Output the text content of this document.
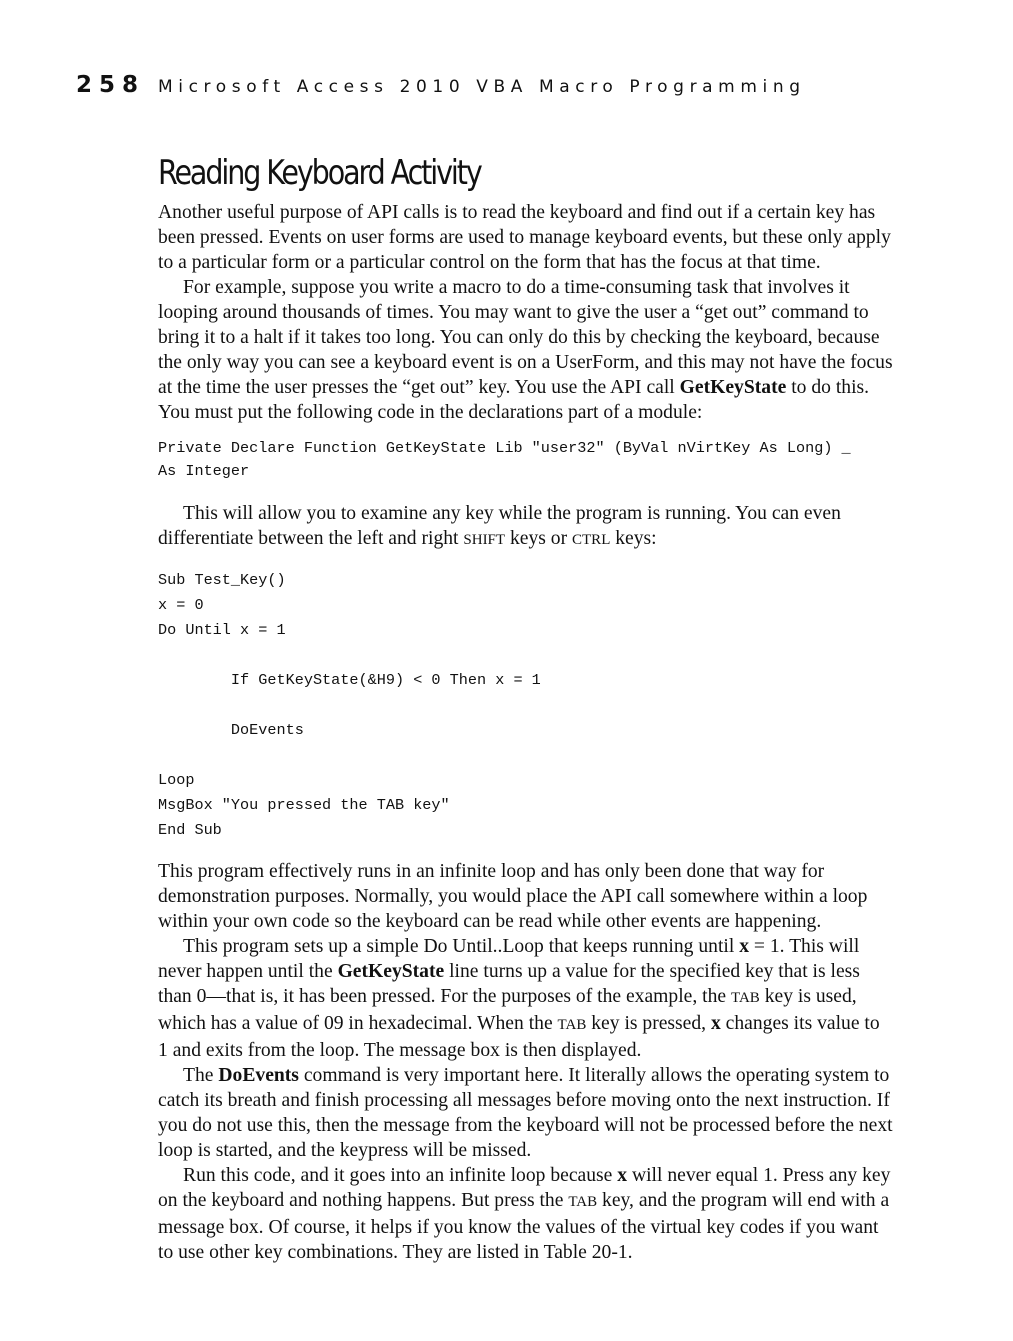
258 Microsoft Access 2010 VBA Macro Programming
Reading Keyboard Activity

Another useful purpose of API calls is to read the keyboard and find out if a certain key has

been pressed. Events on user forms are used to manage keyboard events, but these only apply

to a particular form or a particular control on the form that has the focus at that time.

For example, suppose you write a macro to do a time-consuming task that involves it

looping around thousands of times. You may want to give the user a “get out” command to

bring it to a halt if it takes too long. You can only do this by checking the keyboard, because

the only way you can see a keyboard event is on a UserForm, and this may not have the focus

at the time the user presses the “get out” key. You use the API call GetKeyState to do this.

You must put the following code in the declarations part of a module:

Private Declare Function GetKeyState Lib "user32" (ByVal nVirtKey As Long) _
As Integer

This will allow you to examine any key while the program is running. You can even

differentiate between the left and right SHIFT keys or CTRL keys:

Sub Test_Key()
x = 0
Do Until x = 1
If GetKeyState(&H9) < 0 Then x = 1
DoEvents
Loop
MsgBox "You pressed the TAB key"
End Sub

This program effectively runs in an infinite loop and has only been done that way for

demonstration purposes. Normally, you would place the API call somewhere within a loop

within your own code so the keyboard can be read while other events are happening.

This program sets up a simple Do Until..Loop that keeps running until x = 1. This will

never happen until the GetKeyState line turns up a value for the specified key that is less

than 0—that is, it has been pressed. For the purposes of the example, the TAB key is used,

which has a value of 09 in hexadecimal. When the TAB key is pressed, x changes its value to

1 and exits from the loop. The message box is then displayed.

The DoEvents command is very important here. It literally allows the operating system to

catch its breath and finish processing all messages before moving onto the next instruction. If

you do not use this, then the message from the keyboard will not be processed before the next

loop is started, and the keypress will be missed.

Run this code, and it goes into an infinite loop because x will never equal 1. Press any key

on the keyboard and nothing happens. But press the TAB key, and the program will end with a

message box. Of course, it helps if you know the values of the virtual key codes if you want

to use other key combinations. They are listed in Table 20-1.
